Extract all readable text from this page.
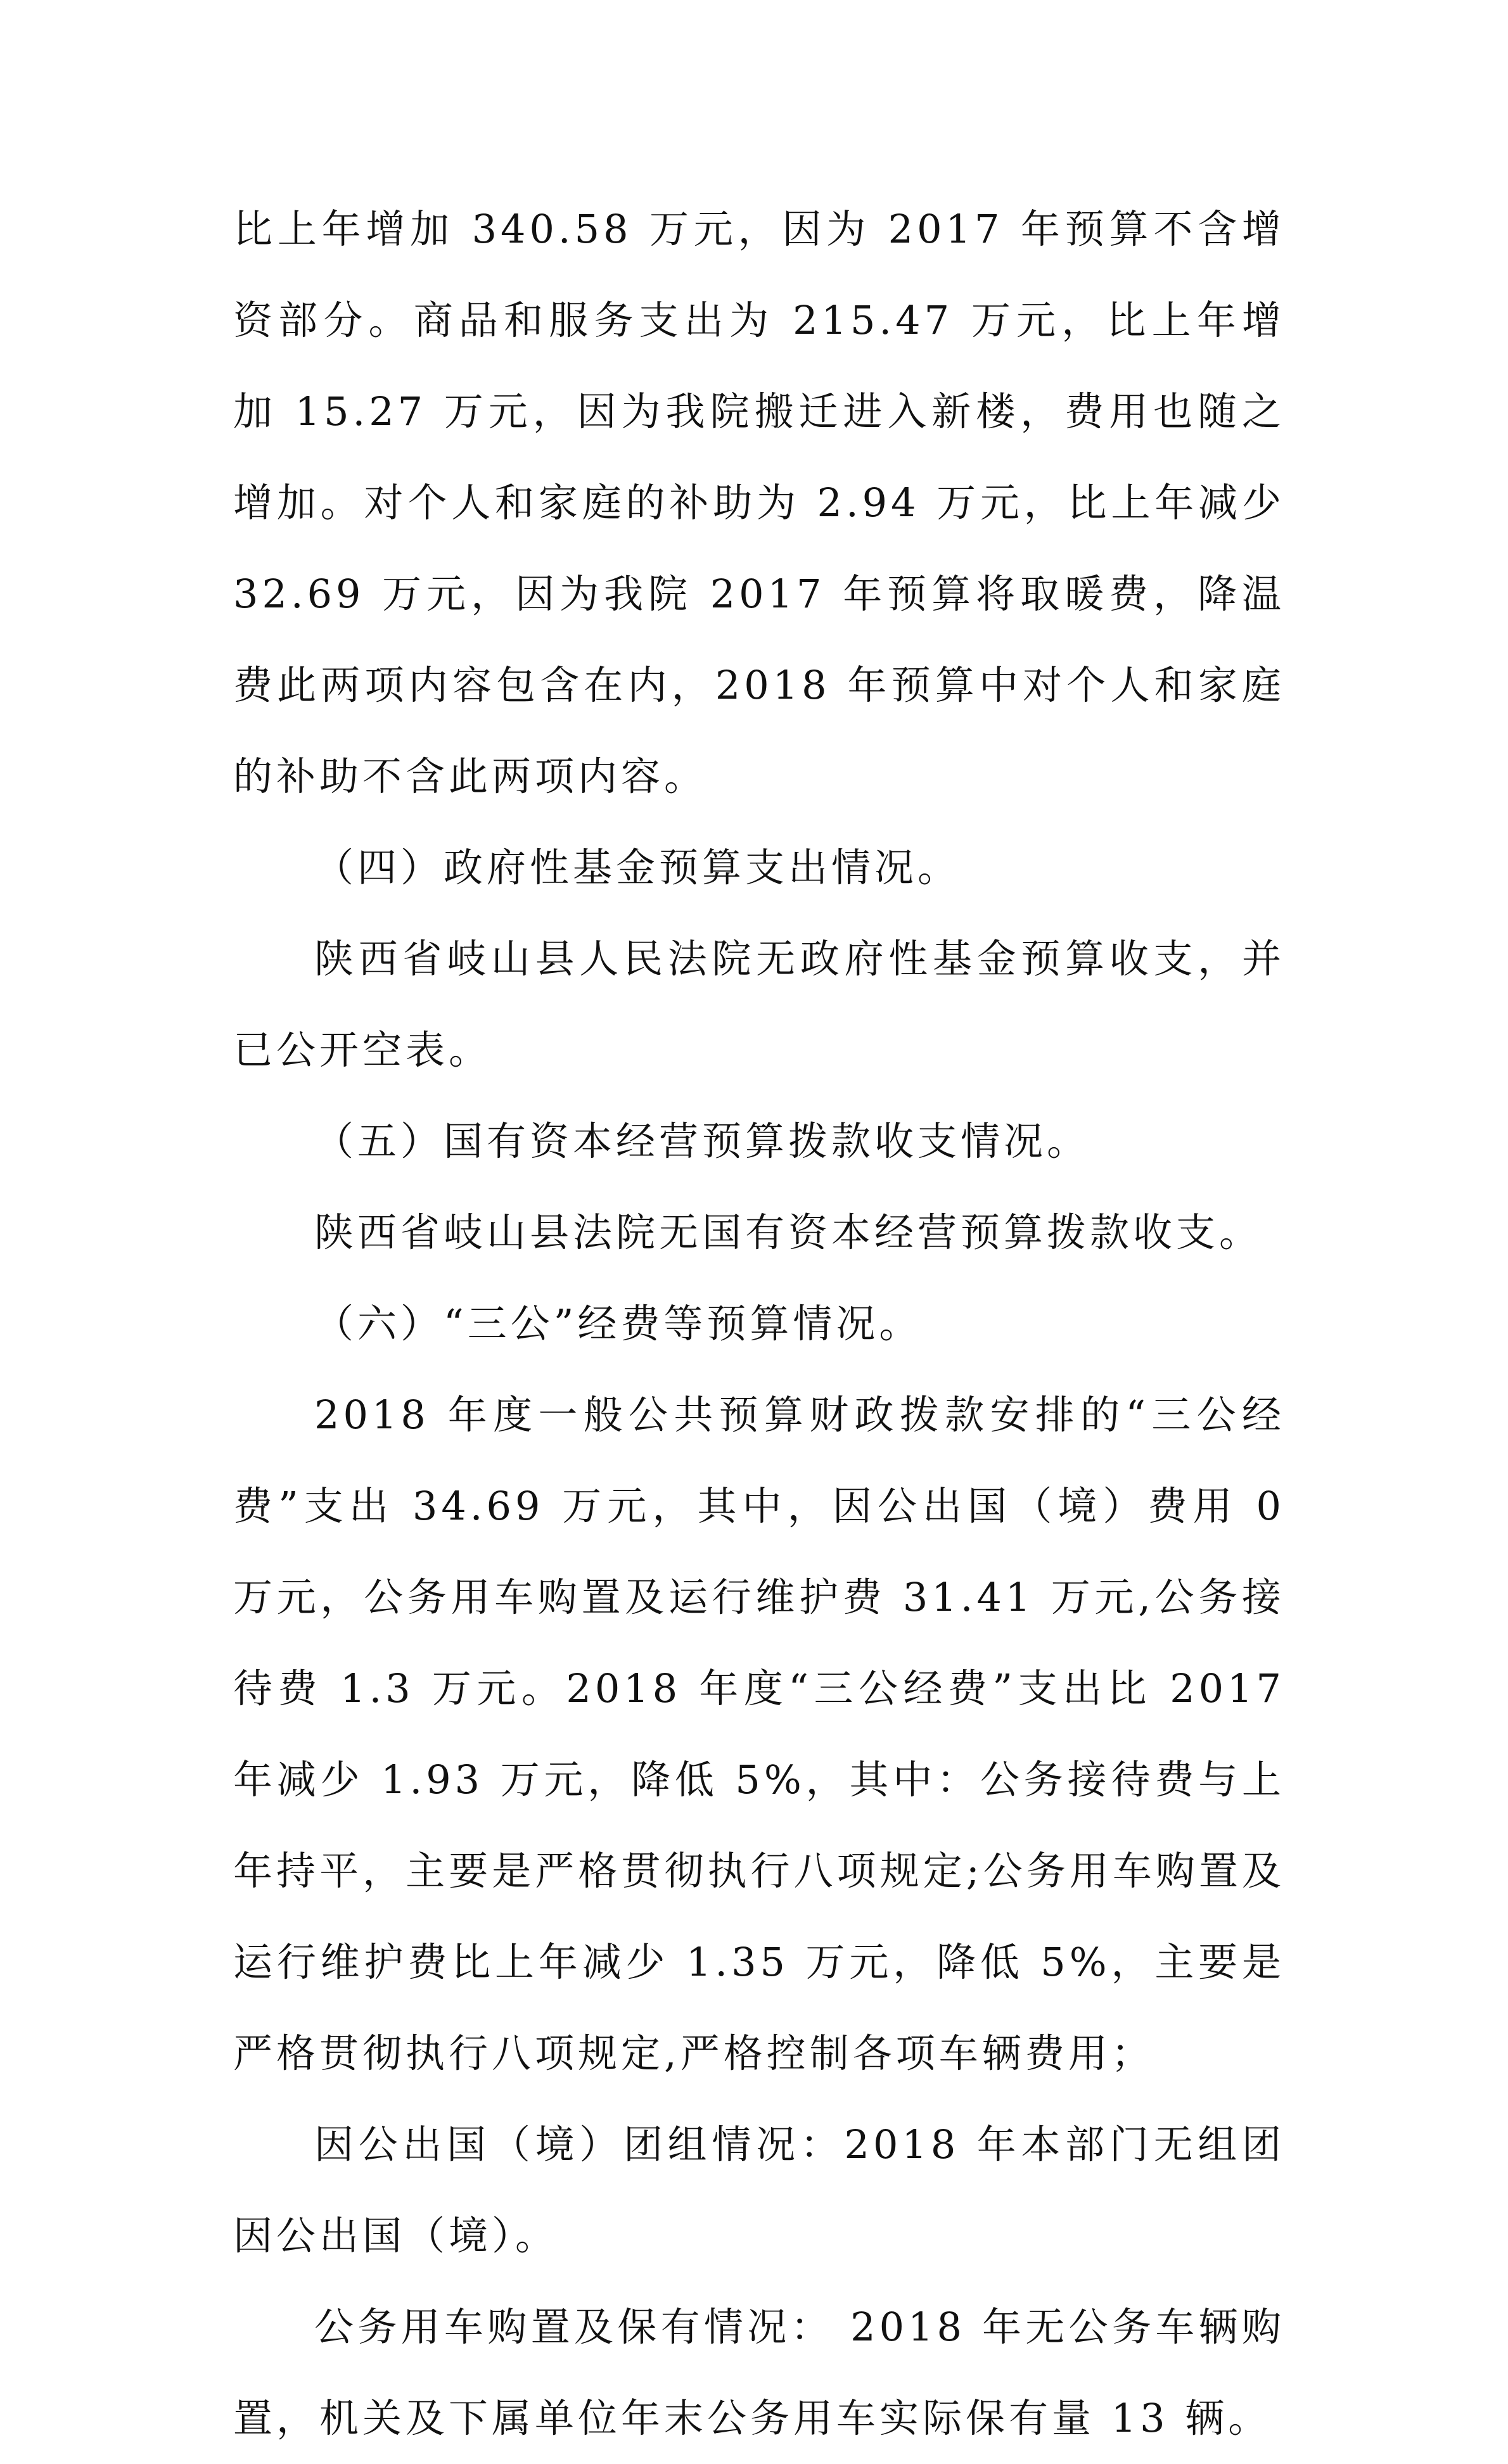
比上年增加 340.58 万元，因为 2017 年预算不含增资部分。商品和服务支出为 215.47 万元，比上年增加 15.27 万元，因为我院搬迁进入新楼，费用也随之增加。对个人和家庭的补助为 2.94 万元，比上年减少 32.69 万元，因为我院 2017 年预算将取暖费，降温费此两项内容包含在内，2018 年预算中对个人和家庭的补助不含此两项内容。

（四）政府性基金预算支出情况。

陕西省岐山县人民法院无政府性基金预算收支，并已公开空表。

（五）国有资本经营预算拨款收支情况。

陕西省岐山县法院无国有资本经营预算拨款收支。

（六）“三公”经费等预算情况。

2018 年度一般公共预算财政拨款安排的“三公经费”支出 34.69 万元，其中，因公出国（境）费用 0 万元，公务用车购置及运行维护费 31.41 万元,公务接待费 1.3 万元。2018 年度“三公经费”支出比 2017 年减少 1.93 万元，降低 5%，其中：公务接待费与上年持平，主要是严格贯彻执行八项规定;公务用车购置及运行维护费比上年减少 1.35 万元，降低 5%，主要是严格贯彻执行八项规定,严格控制各项车辆费用；

因公出国（境）团组情况：2018 年本部门无组团因公出国（境）。

公务用车购置及保有情况： 2018 年无公务车辆购置，机关及下属单位年末公务用车实际保有量 13 辆。
